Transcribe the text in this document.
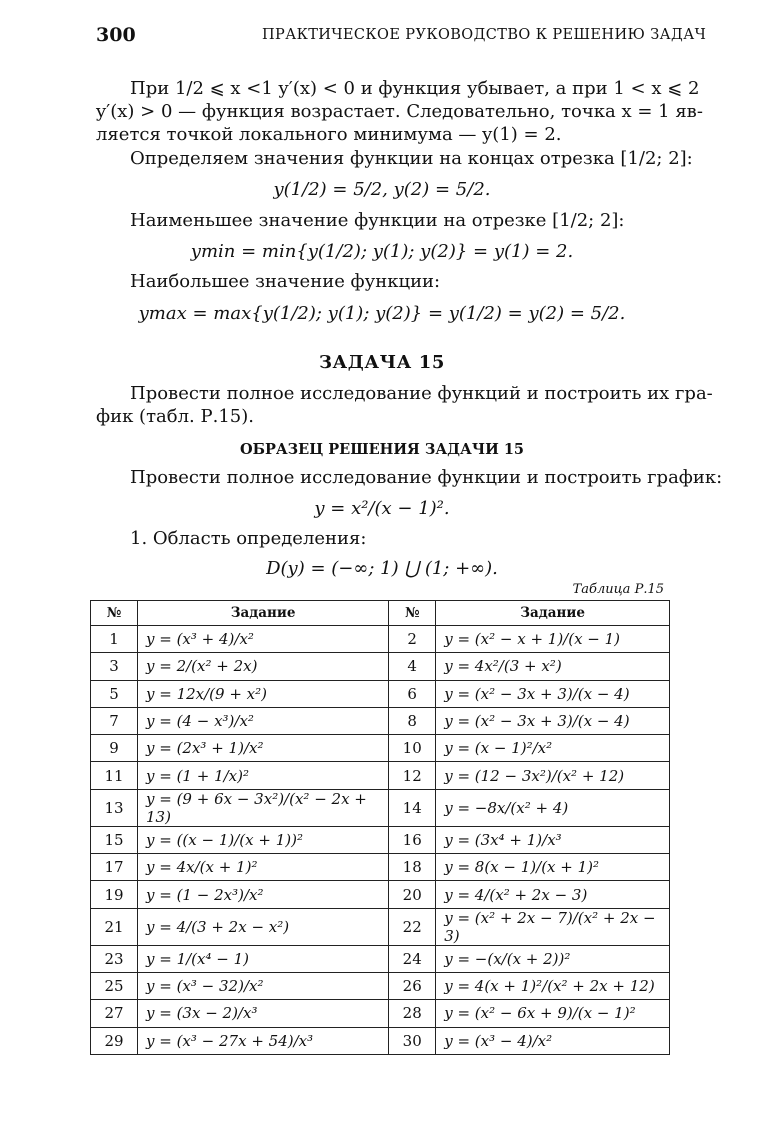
300	ПРАКТИЧЕСКОЕ РУКОВОДСТВО К РЕШЕНИЮ ЗАДАЧ
При 1/2 ⩽ x <1 y′(x) < 0 и функция убывает, а при 1 < x ⩽ 2
y′(x) > 0 — функция возрастает. Следовательно, точка x = 1 яв-
ляется точкой локального минимума — y(1) = 2.
Определяем значения функции на концах отрезка [1/2; 2]:
y(1/2) = 5/2, y(2) = 5/2.
Наименьшее значение функции на отрезке [1/2; 2]:
ymin = min{y(1/2); y(1); y(2)} = y(1) = 2.
Наибольшее значение функции:
ymax = max{y(1/2); y(1); y(2)} = y(1/2) = y(2) = 5/2.
ЗАДАЧА 15
Провести полное исследование функций и построить их гра-
фик (табл. Р.15).
ОБРАЗЕЦ РЕШЕНИЯ ЗАДАЧИ 15
Провести полное исследование функции и построить график:
y = x²/(x − 1)².
1. Область определения:
D(y) = (−∞; 1) ⋃ (1; +∞).
Таблица Р.15
№	Задание	№	Задание
1	y = (x³ + 4)/x²	2	y = (x² − x + 1)/(x − 1)
3	y = 2/(x² + 2x)	4	y = 4x²/(3 + x²)
5	y = 12x/(9 + x²)	6	y = (x² − 3x + 3)/(x − 4)
7	y = (4 − x³)/x²	8	y = (x² − 3x + 3)/(x − 4)
9	y = (2x³ + 1)/x²	10	y = (x − 1)²/x²
11	y = (1 + 1/x)²	12	y = (12 − 3x²)/(x² + 12)
13	y = (9 + 6x − 3x²)/(x² − 2x + 13)	14	y = −8x/(x² + 4)
15	y = ((x − 1)/(x + 1))²	16	y = (3x⁴ + 1)/x³
17	y = 4x/(x + 1)²	18	y = 8(x − 1)/(x + 1)²
19	y = (1 − 2x³)/x²	20	y = 4/(x² + 2x − 3)
21	y = 4/(3 + 2x − x²)	22	y = (x² + 2x − 7)/(x² + 2x − 3)
23	y = 1/(x⁴ − 1)	24	y = −(x/(x + 2))²
25	y = (x³ − 32)/x²	26	y = 4(x + 1)²/(x² + 2x + 12)
27	y = (3x − 2)/x³	28	y = (x² − 6x + 9)/(x − 1)²
29	y = (x³ − 27x + 54)/x³	30	y = (x³ − 4)/x²
